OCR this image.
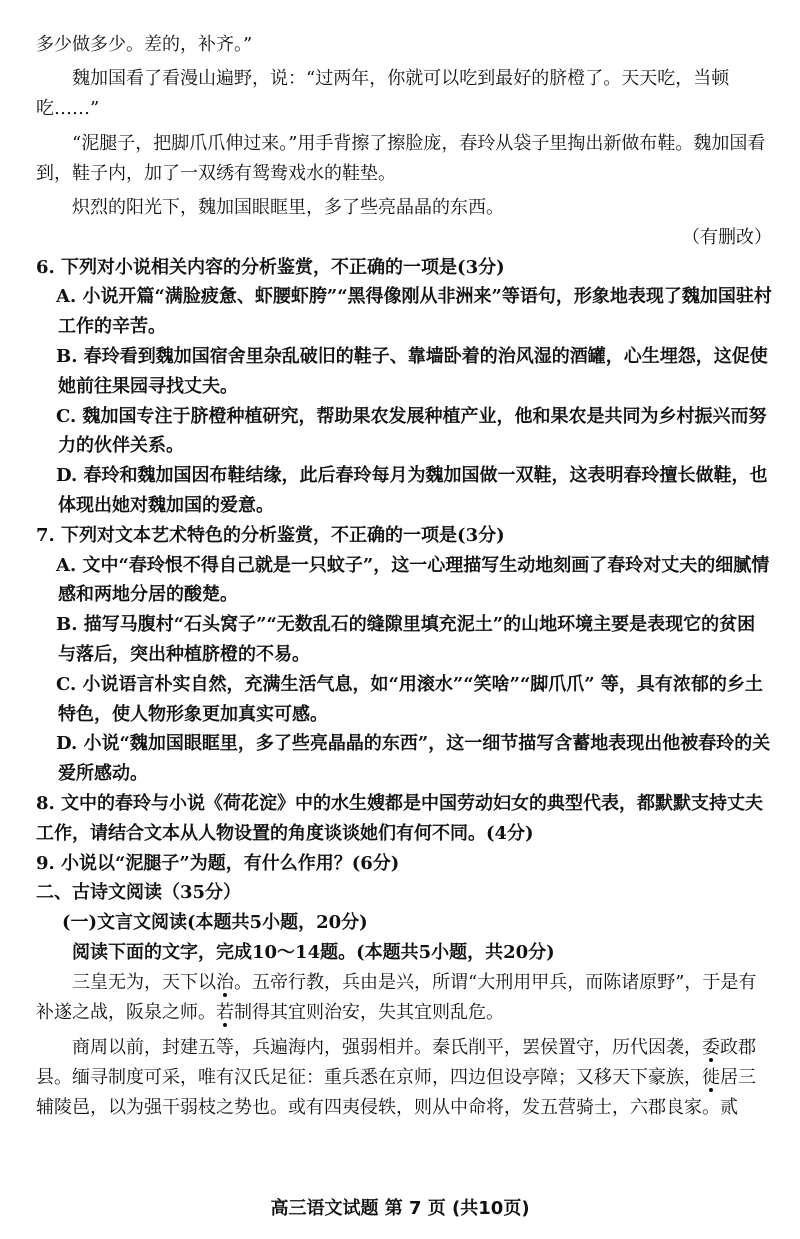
多少做多少。差的，补齐。”

魏加国看了看漫山遍野，说：“过两年，你就可以吃到最好的脐橙了。天天吃，当顿吃……”

“泥腿子，把脚爪爪伸过来。”用手背擦了擦脸庞，春玲从袋子里掏出新做布鞋。魏加国看到，鞋子内，加了一双绣有鸳鸯戏水的鞋垫。

炽烈的阳光下，魏加国眼眶里，多了些亮晶晶的东西。

（有删改）

6. 下列对小说相关内容的分析鉴赏，不正确的一项是(3分)

A. 小说开篇“满脸疲惫、虾腰虾胯”“黑得像刚从非洲来”等语句，形象地表现了魏加国驻村工作的辛苦。

B. 春玲看到魏加国宿舍里杂乱破旧的鞋子、靠墙卧着的治风湿的酒罐，心生埋怨，这促使她前往果园寻找丈夫。

C. 魏加国专注于脐橙种植研究，帮助果农发展种植产业，他和果农是共同为乡村振兴而努力的伙伴关系。

D. 春玲和魏加国因布鞋结缘，此后春玲每月为魏加国做一双鞋，这表明春玲擅长做鞋，也体现出她对魏加国的爱意。

7. 下列对文本艺术特色的分析鉴赏，不正确的一项是(3分)

A. 文中“春玲恨不得自己就是一只蚊子”，这一心理描写生动地刻画了春玲对丈夫的细腻情感和两地分居的酸楚。

B. 描写马腹村“石头窝子”“无数乱石的缝隙里填充泥土”的山地环境主要是表现它的贫困与落后，突出种植脐橙的不易。

C. 小说语言朴实自然，充满生活气息，如“用滚水”“笑啥”“脚爪爪” 等，具有浓郁的乡土特色，使人物形象更加真实可感。

D. 小说“魏加国眼眶里，多了些亮晶晶的东西”，这一细节描写含蓄地表现出他被春玲的关爱所感动。

8. 文中的春玲与小说《荷花淀》中的水生嫂都是中国劳动妇女的典型代表，都默默支持丈夫工作，请结合文本从人物设置的角度谈谈她们有何不同。(4分)

9. 小说以“泥腿子”为题，有什么作用？(6分)

二、古诗文阅读（35分）

(一)文言文阅读(本题共5小题，20分)

阅读下面的文字，完成10～14题。(本题共5小题，共20分)

三皇无为，天下以治。五帝行教，兵由是兴，所谓“大刑用甲兵，而陈诸原野”，于是有补遂之战，阪泉之师。若制得其宜则治安，失其宜则乱危。

商周以前，封建五等，兵遍海内，强弱相并。秦氏削平，罢侯置守，历代因袭，委政郡县。缅寻制度可采，唯有汉氏足征：重兵悉在京师，四边但设亭障；又移天下豪族，徙居三辅陵邑，以为强干弱枝之势也。或有四夷侵轶，则从中命将，发五营骑士，六郡良家。贰

高三语文试题 第 7 页 (共10页)
